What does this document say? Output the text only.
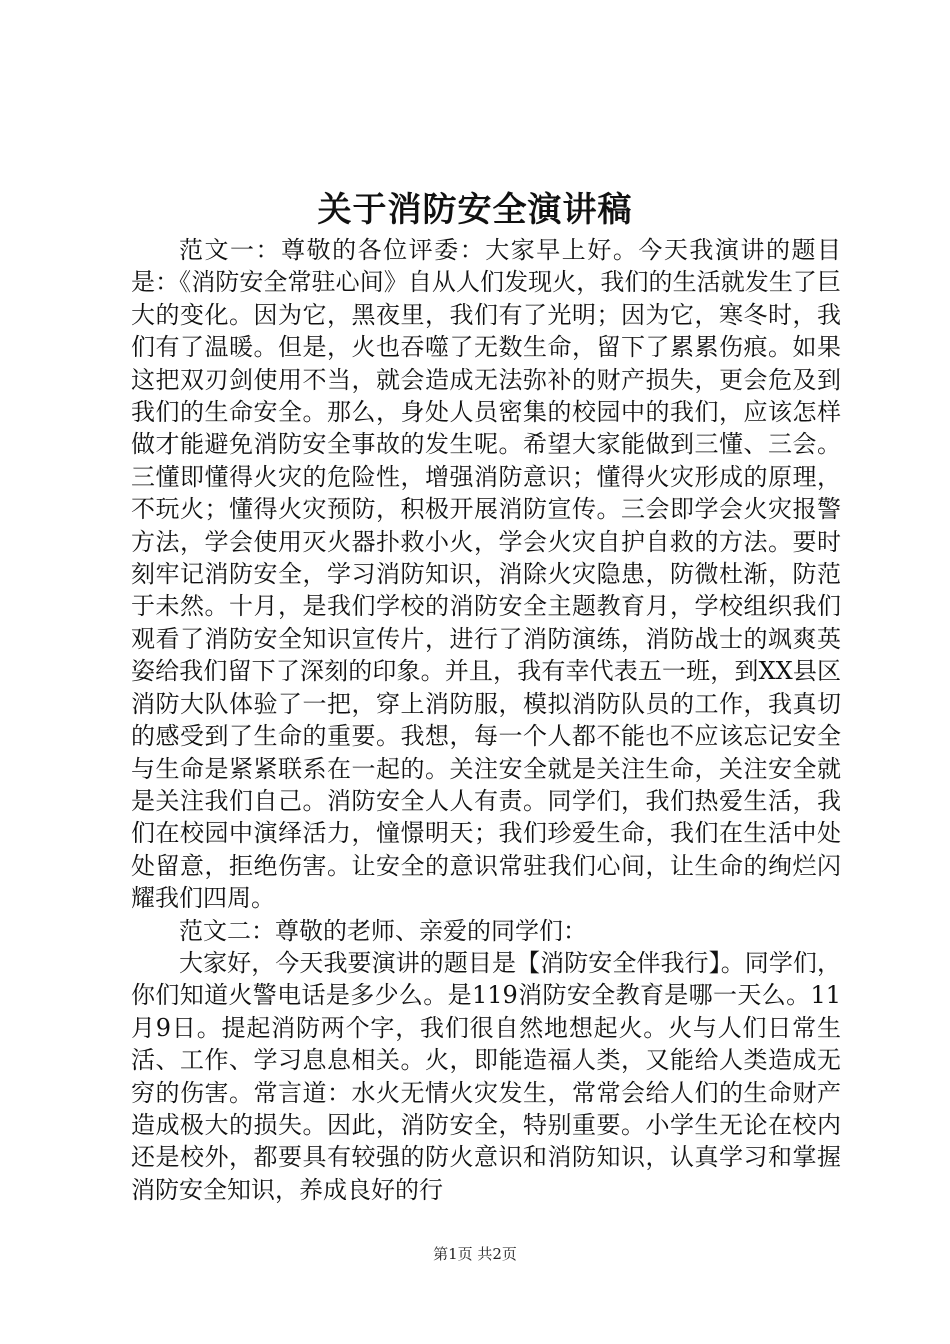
关于消防安全演讲稿

范文一：尊敬的各位评委：大家早上好。今天我演讲的题目是：《消防安全常驻心间》自从人们发现火，我们的生活就发生了巨大的变化。因为它，黑夜里，我们有了光明；因为它，寒冬时，我们有了温暖。但是，火也吞噬了无数生命，留下了累累伤痕。如果这把双刃剑使用不当，就会造成无法弥补的财产损失，更会危及到我们的生命安全。那么，身处人员密集的校园中的我们，应该怎样做才能避免消防安全事故的发生呢。希望大家能做到三懂、三会。三懂即懂得火灾的危险性，增强消防意识；懂得火灾形成的原理，不玩火；懂得火灾预防，积极开展消防宣传。三会即学会火灾报警方法，学会使用灭火器扑救小火，学会火灾自护自救的方法。要时刻牢记消防安全，学习消防知识，消除火灾隐患，防微杜渐，防范于未然。十月，是我们学校的消防安全主题教育月，学校组织我们观看了消防安全知识宣传片，进行了消防演练，消防战士的飒爽英姿给我们留下了深刻的印象。并且，我有幸代表五一班，到XX县区消防大队体验了一把，穿上消防服，模拟消防队员的工作，我真切的感受到了生命的重要。我想，每一个人都不能也不应该忘记安全与生命是紧紧联系在一起的。关注安全就是关注生命，关注安全就是关注我们自己。消防安全人人有责。同学们，我们热爱生活，我们在校园中演绎活力，憧憬明天；我们珍爱生命，我们在生活中处处留意，拒绝伤害。让安全的意识常驻我们心间，让生命的绚烂闪耀我们四周。

范文二：尊敬的老师、亲爱的同学们：

大家好，今天我要演讲的题目是【消防安全伴我行】。同学们，你们知道火警电话是多少么。是119消防安全教育是哪一天么。11月9日。提起消防两个字，我们很自然地想起火。火与人们日常生活、工作、学习息息相关。火，即能造福人类，又能给人类造成无穷的伤害。常言道：水火无情火灾发生，常常会给人们的生命财产造成极大的损失。因此，消防安全，特别重要。小学生无论在校内还是校外，都要具有较强的防火意识和消防知识，认真学习和掌握消防安全知识，养成良好的行

第1页 共2页
